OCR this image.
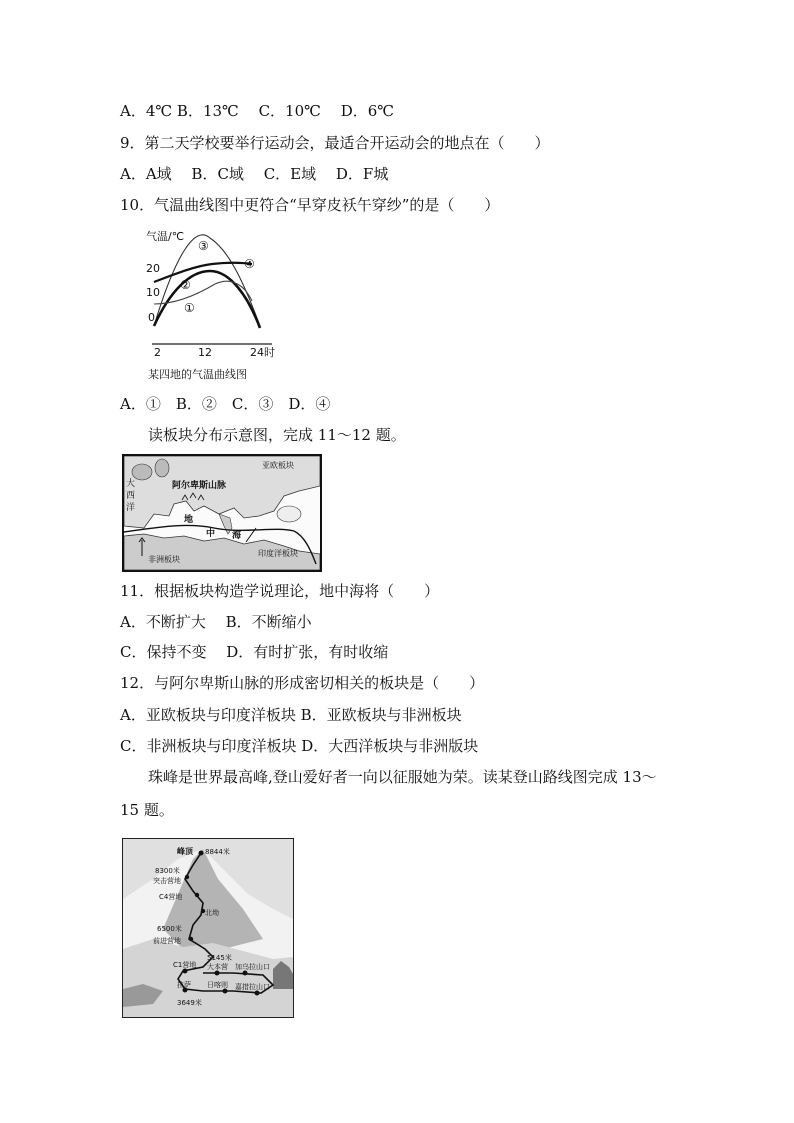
A．4℃ B．13℃　 C．10℃　 D．6℃
9．第二天学校要举行运动会，最适合开运动会的地点在（　　）
A．A域　 B．C域　 C．E域　 D．F城
10．气温曲线图中更符合“早穿皮袄午穿纱”的是（　　）
气温/℃
20
10
0
2	12	24时
③
④
②
①
某四地的气温曲线图
A．①　B．②　C．③　D．④
读板块分布示意图，完成 11～12 题。
亚欧板块
大
西
洋
阿尔卑斯山脉
地
中 海
非洲板块
印度洋板块
11．根据板块构造学说理论，地中海将（　　）
A．不断扩大　 B．不断缩小
C．保持不变　 D．有时扩张，有时收缩
12．与阿尔卑斯山脉的形成密切相关的板块是（　　）
A．亚欧板块与印度洋板块 B．亚欧板块与非洲板块
C．非洲板块与印度洋板块 D．大西洋板块与非洲版块
珠峰是世界最高峰,登山爱好者一向以征服她为荣。读某登山路线图完成 13～
15 题。
峰顶 8844米
8300米
突击营地
C4营地
北坳
6500米
前进营地
5145米
大本营
C1营地	加乌拉山口
拉萨 日喀则 嘉措拉山口
3649米
